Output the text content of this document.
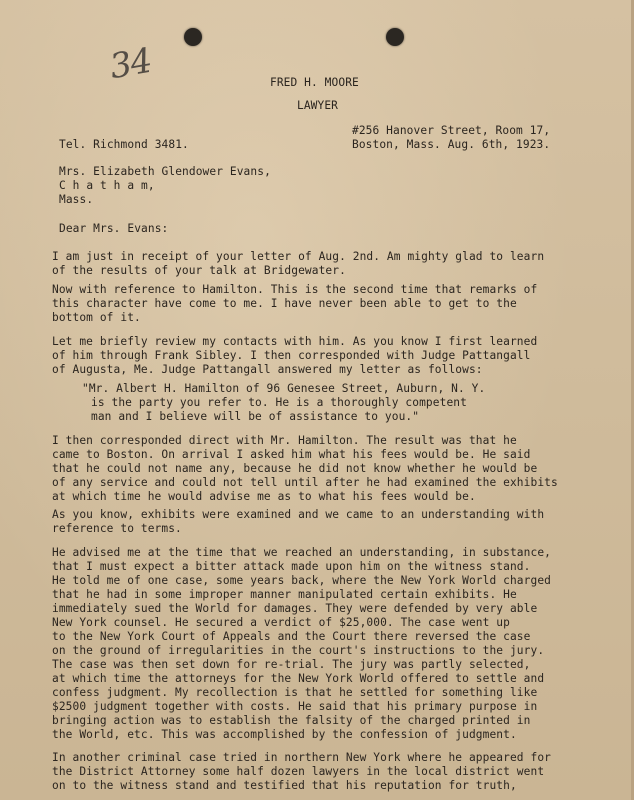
34	FRED H. MOORE

LAWYER

#256 Hanover Street, Room 17,

Tel. Richmond 3481.	Boston, Mass. Aug. 6th, 1923.

Mrs. Elizabeth Glendower Evans,

C h a t h a m,

Mass.

Dear Mrs. Evans:

I am just in receipt of your letter of Aug. 2nd. Am mighty glad to learn

of the results of your talk at Bridgewater.

Now with reference to Hamilton. This is the second time that remarks of

this character have come to me. I have never been able to get to the

bottom of it.

Let me briefly review my contacts with him. As you know I first learned

of him through Frank Sibley. I then corresponded with Judge Pattangall

of Augusta, Me. Judge Pattangall answered my letter as follows:

"Mr. Albert H. Hamilton of 96 Genesee Street, Auburn, N. Y.

is the party you refer to. He is a thoroughly competent

man and I believe will be of assistance to you."

I then corresponded direct with Mr. Hamilton. The result was that he

came to Boston. On arrival I asked him what his fees would be. He said

that he could not name any, because he did not know whether he would be

of any service and could not tell until after he had examined the exhibits

at which time he would advise me as to what his fees would be.

As you know, exhibits were examined and we came to an understanding with

reference to terms.

He advised me at the time that we reached an understanding, in substance,

that I must expect a bitter attack made upon him on the witness stand.

He told me of one case, some years back, where the New York World charged

that he had in some improper manner manipulated certain exhibits. He

immediately sued the World for damages. They were defended by very able

New York counsel. He secured a verdict of $25,000. The case went up

to the New York Court of Appeals and the Court there reversed the case

on the ground of irregularities in the court's instructions to the jury.

The case was then set down for re-trial. The jury was partly selected,

at which time the attorneys for the New York World offered to settle and

confess judgment. My recollection is that he settled for something like

$2500 judgment together with costs. He said that his primary purpose in

bringing action was to establish the falsity of the charged printed in

the World, etc. This was accomplished by the confession of judgment.

In another criminal case tried in northern New York where he appeared for

the District Attorney some half dozen lawyers in the local district went

on to the witness stand and testified that his reputation for truth,
